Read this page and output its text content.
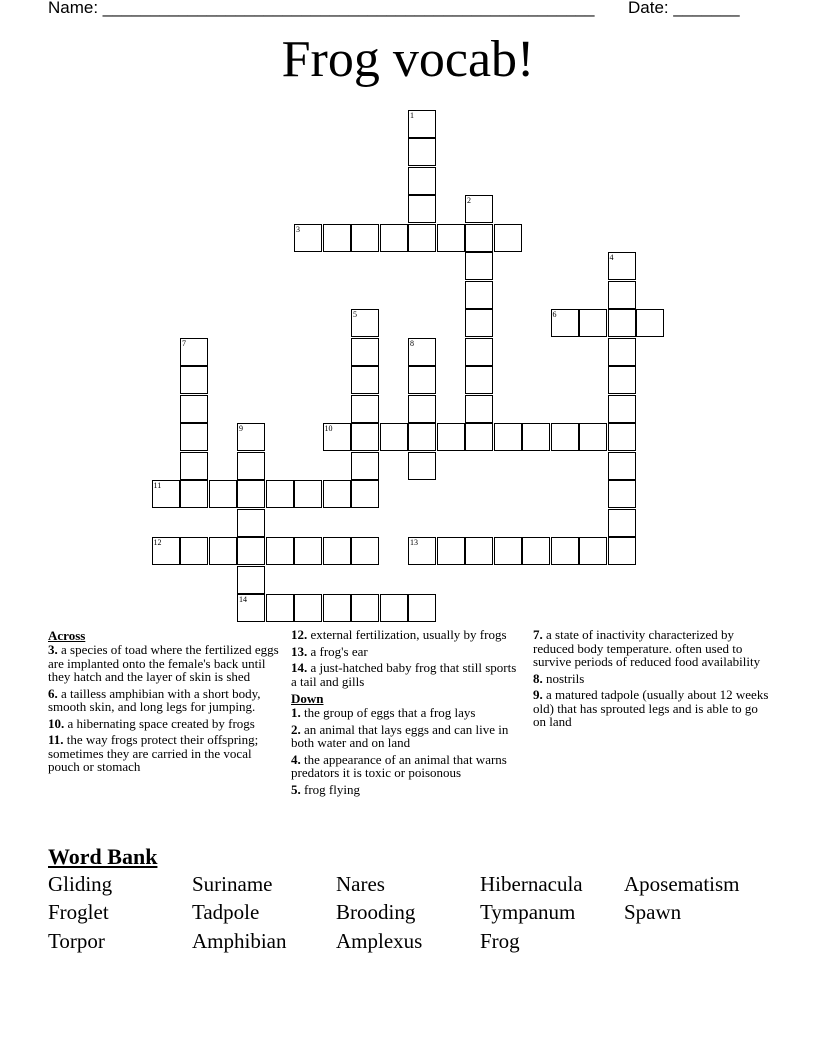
Name: ____________________________________________________ Date: _______
Frog vocab!
1
2
3
4
5	6
7	8
9
14
10
11
12	13
Across
3. a species of toad where the fertilized eggs are implanted onto the female's back until they hatch and the layer of skin is shed
6. a tailless amphibian with a short body, smooth skin, and long legs for jumping.
10. a hibernating space created by frogs
11. the way frogs protect their offspring; sometimes they are carried in the vocal pouch or stomach
12. external fertilization, usually by frogs
13. a frog's ear
14. a just-hatched baby frog that still sports a tail and gills
Down
1. the group of eggs that a frog lays
2. an animal that lays eggs and can live in both water and on land
4. the appearance of an animal that warns predators it is toxic or poisonous
5. frog flying
7. a state of inactivity characterized by reduced body temperature. often used to survive periods of reduced food availability
8. nostrils
9. a matured tadpole (usually about 12 weeks old) that has sprouted legs and is able to go on land
Word Bank
Gliding	Suriname	Nares	Hibernacula Aposematism
Froglet	Tadpole	Brooding	Tympanum Spawn
Torpor	Amphibian Amplexus	Frog
